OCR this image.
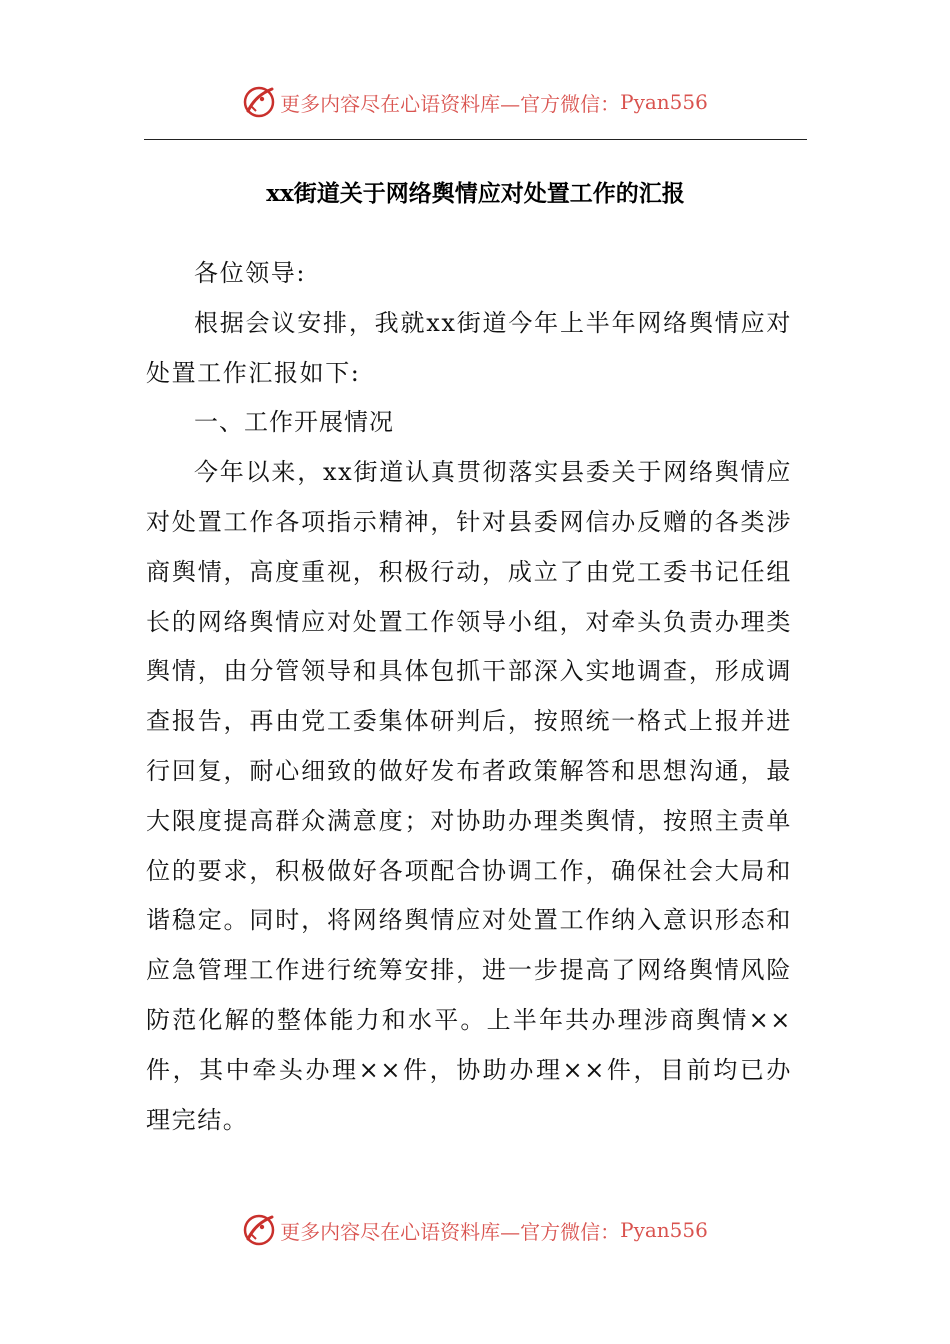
更多内容尽在心语资料库—官方微信： Pyan556
xx街道关于网络舆情应对处置工作的汇报

各位领导:

根据会议安排，我就xx街道今年上半年网络舆情应对处置工作汇报如下:

一、工作开展情况

今年以来，xx街道认真贯彻落实县委关于网络舆情应对处置工作各项指示精神，针对县委网信办反赠的各类涉商舆情，高度重视，积极行动，成立了由党工委书记任组长的网络舆情应对处置工作领导小组，对牵头负责办理类舆情，由分管领导和具体包抓干部深入实地调查，形成调查报告，再由党工委集体研判后，按照统一格式上报并进行回复，耐心细致的做好发布者政策解答和思想沟通，最大限度提高群众满意度；对协助办理类舆情，按照主责单位的要求，积极做好各项配合协调工作，确保社会大局和谐稳定。同时，将网络舆情应对处置工作纳入意识形态和应急管理工作进行统筹安排，进一步提高了网络舆情风险防范化解的整体能力和水平。上半年共办理涉商舆情××件，其中牵头办理××件，协助办理××件，目前均已办理完结。

更多内容尽在心语资料库—官方微信： Pyan556
